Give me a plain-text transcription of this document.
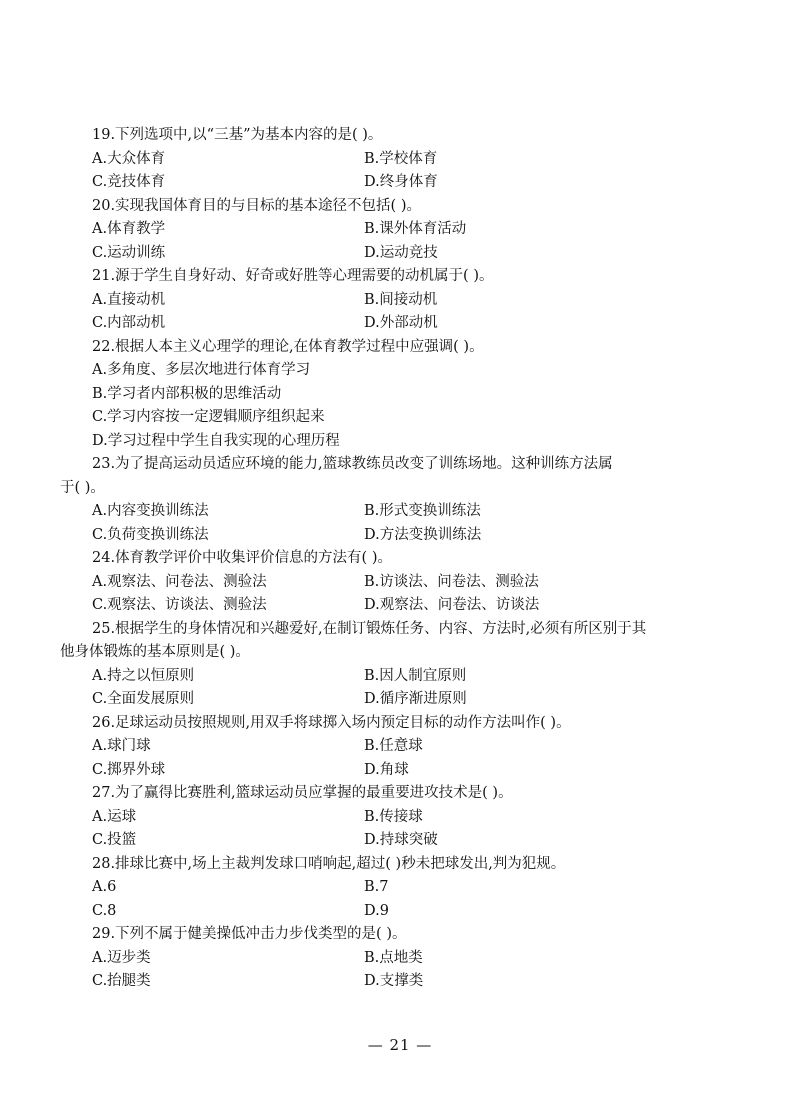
19.下列选项中,以“三基”为基本内容的是( )。
A.大众体育	B.学校体育
C.竞技体育	D.终身体育
20.实现我国体育目的与目标的基本途径不包括( )。
A.体育教学	B.课外体育活动
C.运动训练	D.运动竞技
21.源于学生自身好动、好奇或好胜等心理需要的动机属于( )。
A.直接动机	B.间接动机
C.内部动机	D.外部动机
22.根据人本主义心理学的理论,在体育教学过程中应强调( )。
A.多角度、多层次地进行体育学习
B.学习者内部积极的思维活动
C.学习内容按一定逻辑顺序组织起来
D.学习过程中学生自我实现的心理历程
23.为了提高运动员适应环境的能力,篮球教练员改变了训练场地。这种训练方法属
于( )。
A.内容变换训练法	B.形式变换训练法
C.负荷变换训练法	D.方法变换训练法
24.体育教学评价中收集评价信息的方法有( )。
A.观察法、问卷法、测验法	B.访谈法、问卷法、测验法
C.观察法、访谈法、测验法	D.观察法、问卷法、访谈法
25.根据学生的身体情况和兴趣爱好,在制订锻炼任务、内容、方法时,必须有所区别于其
他身体锻炼的基本原则是( )。
A.持之以恒原则	B.因人制宜原则
C.全面发展原则	D.循序渐进原则
26.足球运动员按照规则,用双手将球掷入场内预定目标的动作方法叫作( )。
A.球门球	B.任意球
C.掷界外球	D.角球
27.为了赢得比赛胜利,篮球运动员应掌握的最重要进攻技术是( )。
A.运球	B.传接球
C.投篮	D.持球突破
28.排球比赛中,场上主裁判发球口哨响起,超过( )秒未把球发出,判为犯规。
A.6	B.7
C.8	D.9
29.下列不属于健美操低冲击力步伐类型的是( )。
A.迈步类	B.点地类
C.抬腿类	D.支撑类
— 21 —
